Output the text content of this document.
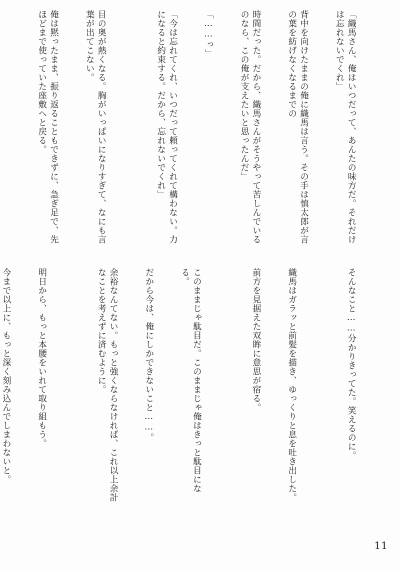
「織馬さん、俺はいつだって、あんたの味方だ。それだけは忘れないでくれ」

背中を向けたままの俺に織馬は言う。その手は慎太郎が言の葉を紡げなくなるまでの

時間だった。だから、織馬さんがそうやって苦しんでいるのなら、この俺が支えたいと思ったんだ」

「……っ」

「今は忘れてくれ、いつだって頼ってくれて構わない。力になると約束する。だから、忘れないでくれ」

目の奥が熱くなる。胸がいっぱいになりすぎて、なにも言葉が出てこない。

俺は黙ったまま、振り返ることもできずに、急ぎ足で、先ほどまで使っていた座敷へと戻る。

そんなこと……分かりきってた。笑えるのに。

織馬はガラッと前髪を描き、ゆっくりと息を吐き出した。

前方を見据えた双眸に意思が宿る。

このままじゃ駄目だ。このままじゃ俺はきっと駄目になる。

だから今は、俺にしかできないこと……。

余裕なんてない。もっと強くならなければ、これ以上余計なことを考えずに済むように。

明日から、もっと本腰をいれて取り組もう。

今まで以上に、もっと深く刻み込んでしまわないと。

11
